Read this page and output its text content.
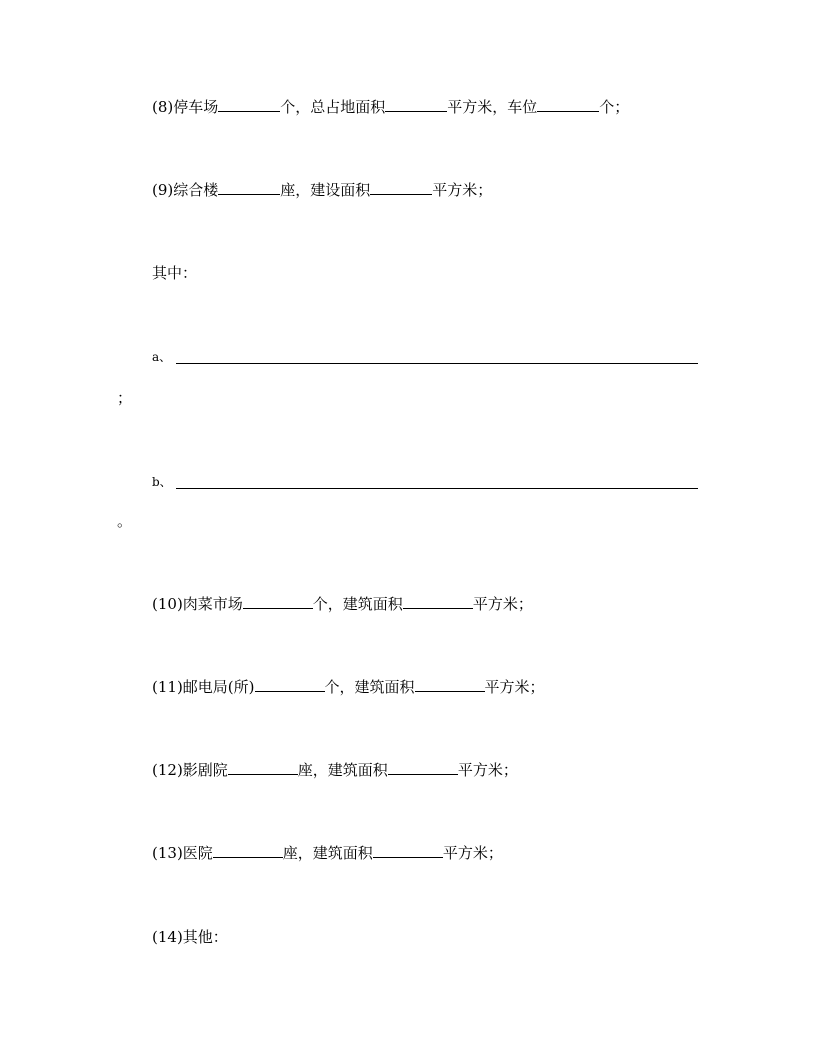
(8)停车场	个，总占地面积	平方米，车位	个；
(9)综合楼	座，建设面积	平方米；
其中：
a、
；
b、
。
(10)肉菜市场	个，建筑面积	平方米；
(11)邮电局(所)	个，建筑面积	平方米；
(12)影剧院	座，建筑面积	平方米；
(13)医院	座，建筑面积	平方米；
(14)其他：
